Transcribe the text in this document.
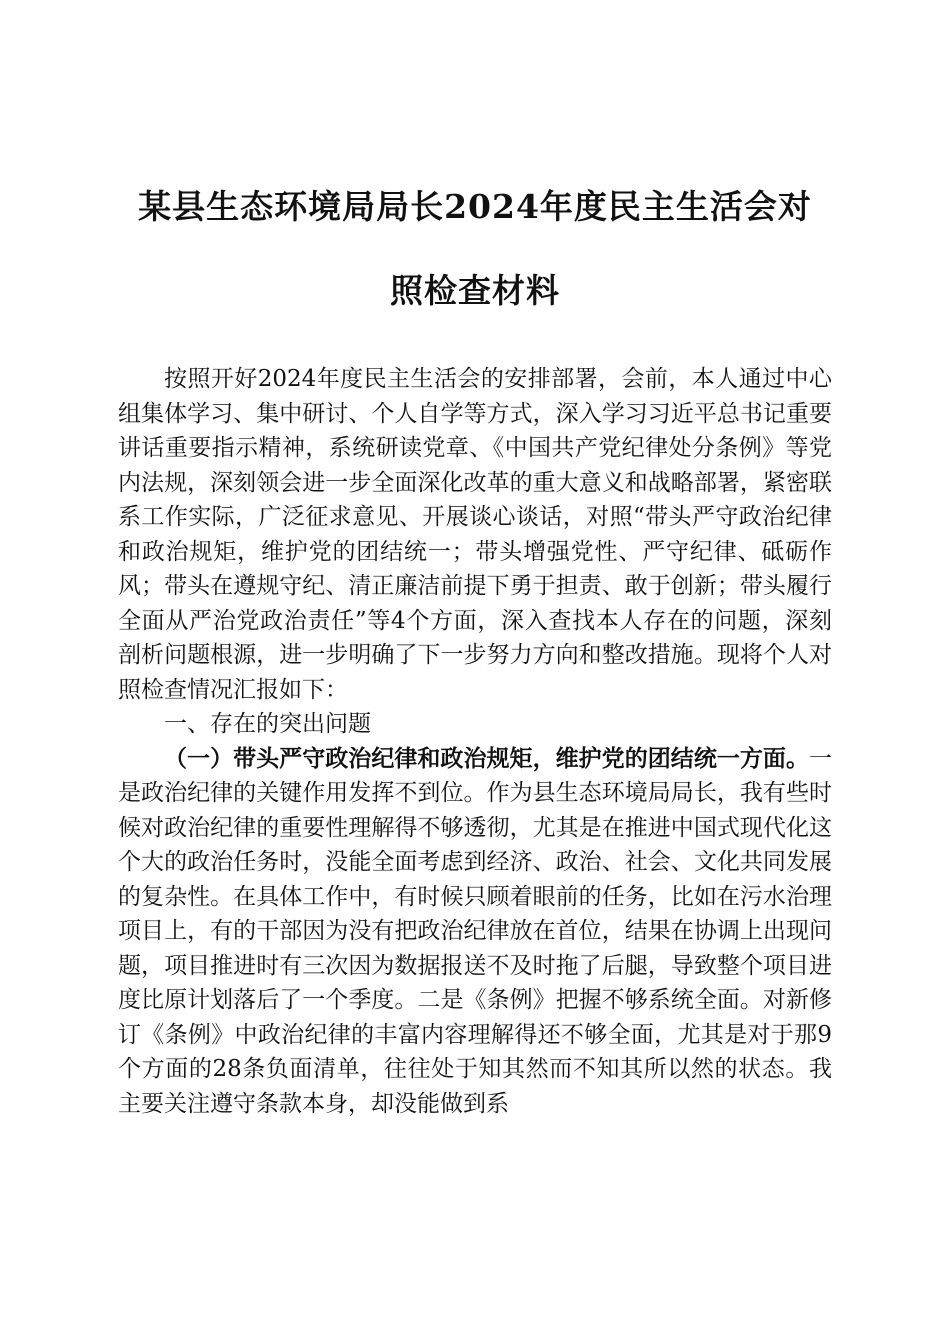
某县生态环境局局长2024年度民主生活会对
照检查材料

按照开好2024年度民主生活会的安排部署，会前，本人通过中心组集体学习、集中研讨、个人自学等方式，深入学习习近平总书记重要讲话重要指示精神，系统研读党章、《中国共产党纪律处分条例》等党内法规，深刻领会进一步全面深化改革的重大意义和战略部署，紧密联系工作实际，广泛征求意见、开展谈心谈话，对照“带头严守政治纪律和政治规矩，维护党的团结统一；带头增强党性、严守纪律、砥砺作风；带头在遵规守纪、清正廉洁前提下勇于担责、敢于创新；带头履行全面从严治党政治责任”等4个方面，深入查找本人存在的问题，深刻剖析问题根源，进一步明确了下一步努力方向和整改措施。现将个人对照检查情况汇报如下：

一、存在的突出问题

（一）带头严守政治纪律和政治规矩，维护党的团结统一方面。一是政治纪律的关键作用发挥不到位。作为县生态环境局局长，我有些时候对政治纪律的重要性理解得不够透彻，尤其是在推进中国式现代化这个大的政治任务时，没能全面考虑到经济、政治、社会、文化共同发展的复杂性。在具体工作中，有时候只顾着眼前的任务，比如在污水治理项目上，有的干部因为没有把政治纪律放在首位，结果在协调上出现问题，项目推进时有三次因为数据报送不及时拖了后腿，导致整个项目进度比原计划落后了一个季度。二是《条例》把握不够系统全面。对新修订《条例》中政治纪律的丰富内容理解得还不够全面，尤其是对于那9个方面的28条负面清单，往往处于知其然而不知其所以然的状态。我主要关注遵守条款本身，却没能做到系
